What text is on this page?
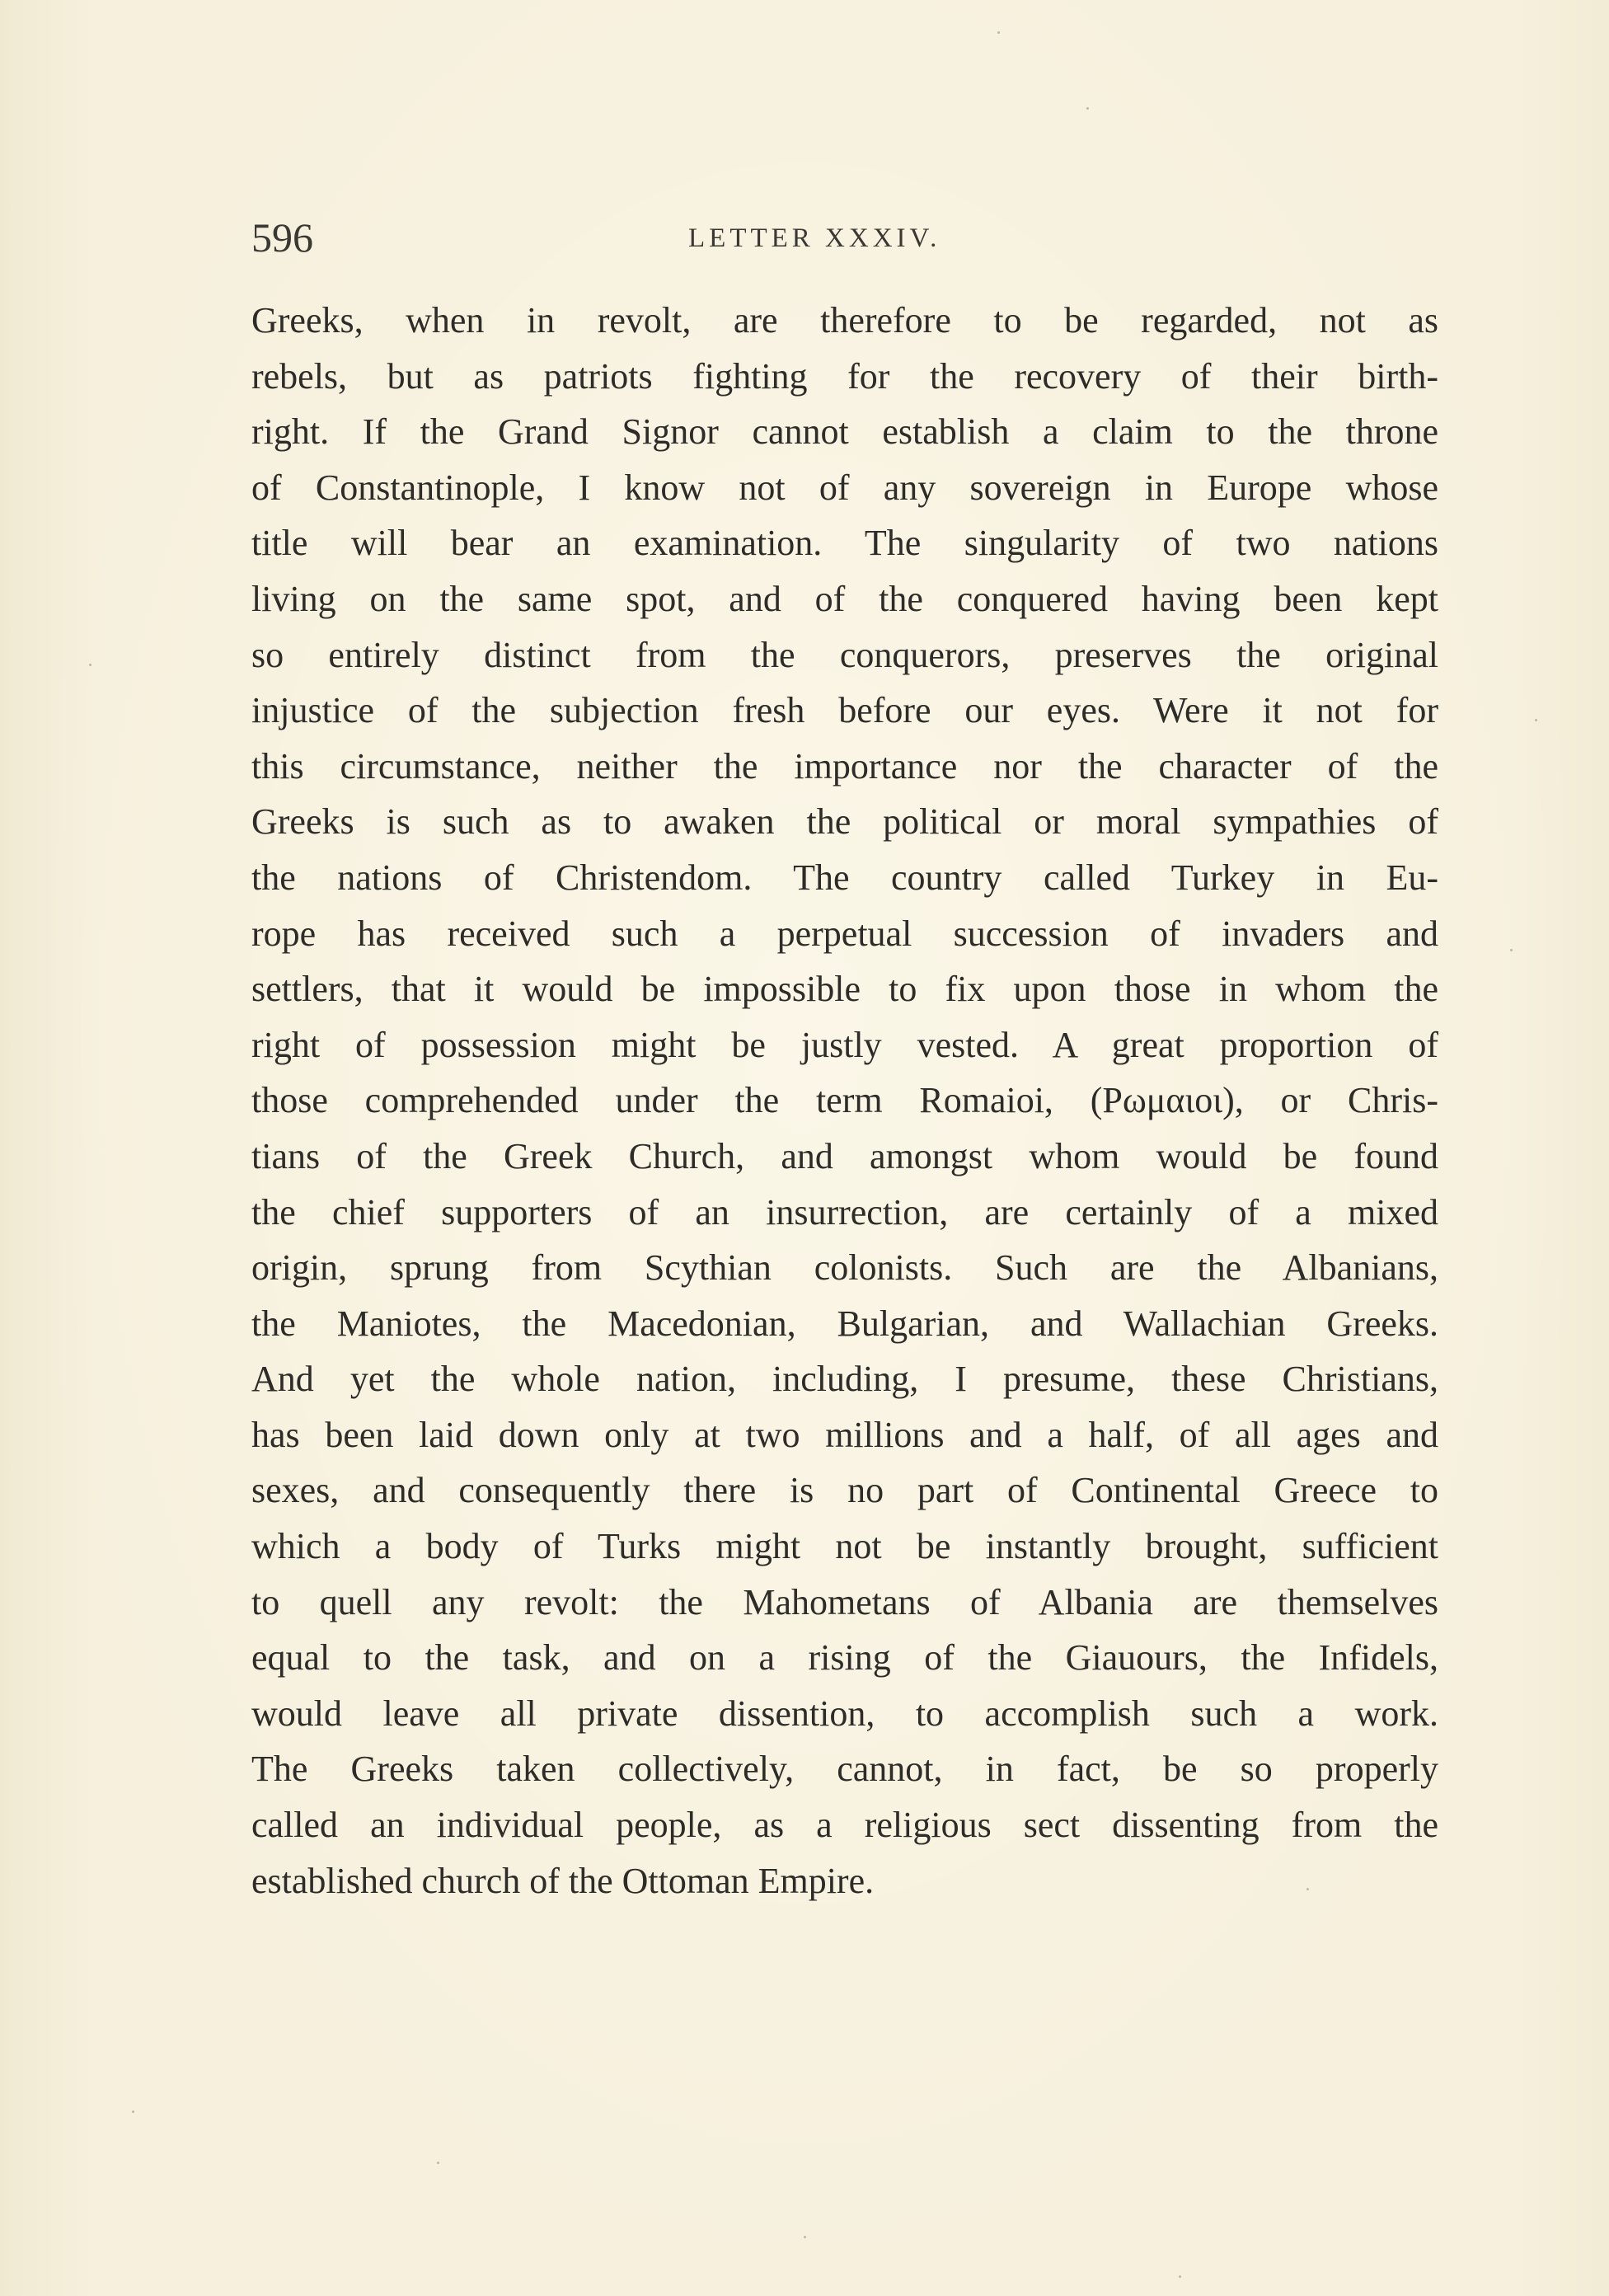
596	LETTER XXXIV.
Greeks, when in revolt, are therefore to be regarded, not as
rebels, but as patriots fighting for the recovery of their birth-
right. If the Grand Signor cannot establish a claim to the throne
of Constantinople, I know not of any sovereign in Europe whose
title will bear an examination. The singularity of two nations
living on the same spot, and of the conquered having been kept
so entirely distinct from the conquerors, preserves the original
injustice of the subjection fresh before our eyes. Were it not for
this circumstance, neither the importance nor the character of the
Greeks is such as to awaken the political or moral sympathies of
the nations of Christendom. The country called Turkey in Eu-
rope has received such a perpetual succession of invaders and
settlers, that it would be impossible to fix upon those in whom the
right of possession might be justly vested. A great proportion of
those comprehended under the term Romaioi, (Ρωμαιοι), or Chris-
tians of the Greek Church, and amongst whom would be found
the chief supporters of an insurrection, are certainly of a mixed
origin, sprung from Scythian colonists. Such are the Albanians,
the Maniotes, the Macedonian, Bulgarian, and Wallachian Greeks.
And yet the whole nation, including, I presume, these Christians,
has been laid down only at two millions and a half, of all ages and
sexes, and consequently there is no part of Continental Greece to
which a body of Turks might not be instantly brought, sufficient
to quell any revolt: the Mahometans of Albania are themselves
equal to the task, and on a rising of the Giauours, the Infidels,
would leave all private dissention, to accomplish such a work.
The Greeks taken collectively, cannot, in fact, be so properly
called an individual people, as a religious sect dissenting from the
established church of the Ottoman Empire.
